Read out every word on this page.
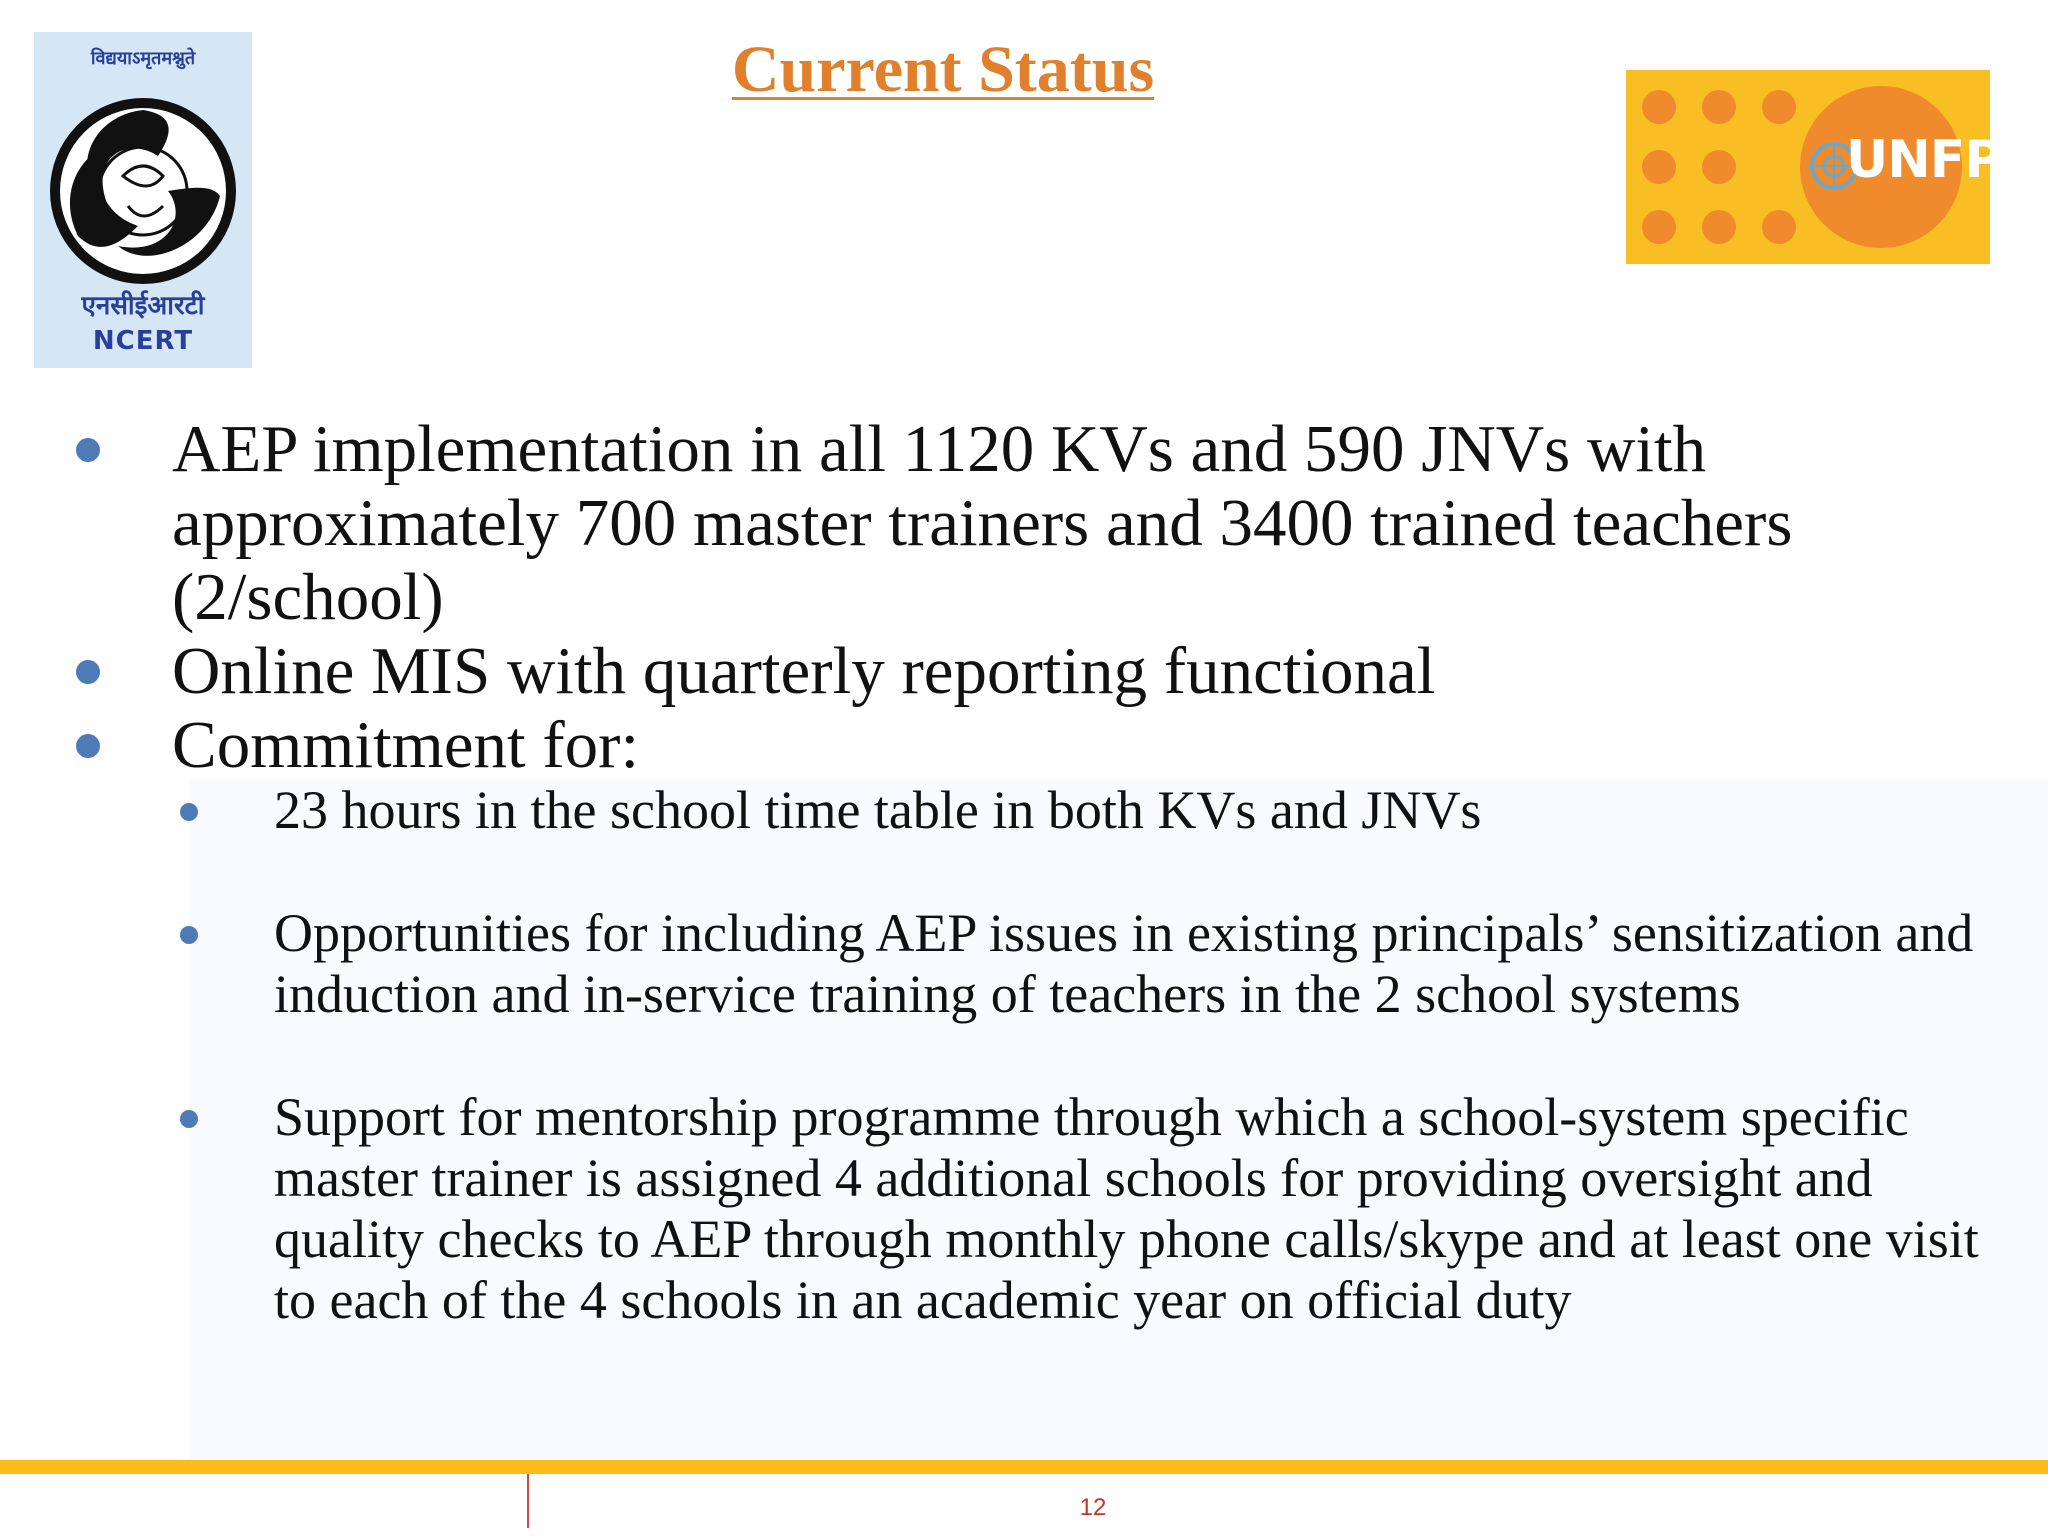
विद्ययाऽमृतमश्नुते
एनसीईआरटी
NCERT
Current Status
UNFPA
AEP implementation in all 1120 KVs and 590 JNVs with approximately 700 master trainers and 3400 trained teachers (2/school)
Online MIS with quarterly reporting functional
Commitment for:
23 hours in the school time table in both KVs and JNVs
Opportunities for including AEP issues in existing principals’ sensitization and induction and in-service training of teachers in the 2 school systems
Support for mentorship programme through which a school-system specific master trainer is assigned 4 additional schools for providing oversight and quality checks to AEP through monthly phone calls/skype and at least one visit to each of the 4 schools in an academic year on official duty
12
